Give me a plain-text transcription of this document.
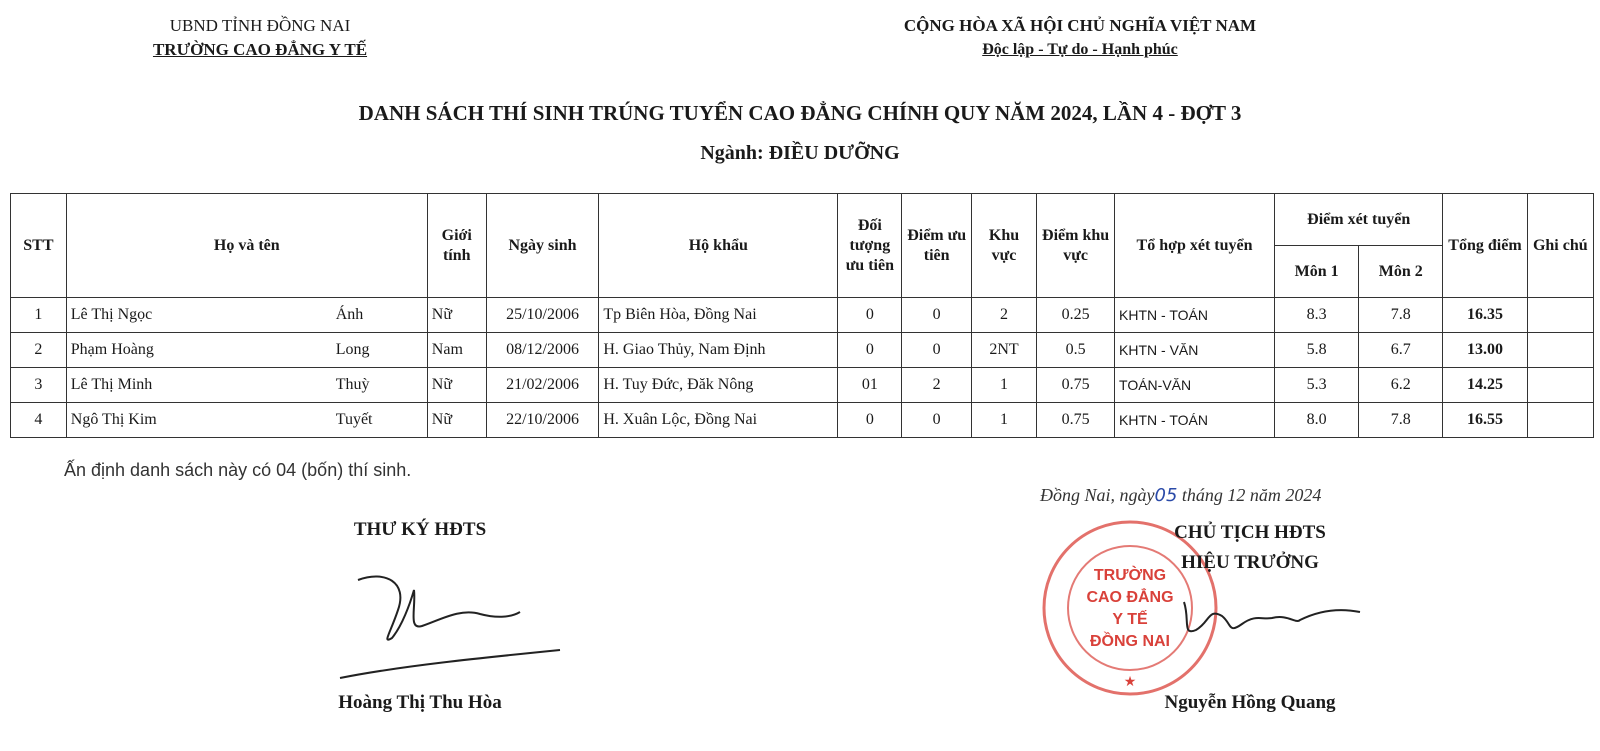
UBND TỈNH ĐỒNG NAI
TRƯỜNG CAO ĐẲNG Y TẾ
CỘNG HÒA XÃ HỘI CHỦ NGHĨA VIỆT NAM
Độc lập - Tự do - Hạnh phúc
DANH SÁCH THÍ SINH TRÚNG TUYỂN CAO ĐẲNG CHÍNH QUY NĂM 2024, LẦN 4 - ĐỢT 3
Ngành: ĐIỀU DƯỠNG
STT	Họ và tên		Giới tính	Ngày sinh	Hộ khẩu	Đối tượng ưu tiên	Điểm ưu tiên	Khu vực	Điểm khu vực	Tổ hợp xét tuyển	Điểm xét tuyển		Tổng điểm	Ghi chú
											Môn 1	Môn 2		
1	Lê Thị Ngọc	Ánh	Nữ	25/10/2006	Tp Biên Hòa, Đồng Nai	0	0	2	0.25	KHTN - TOÁN	8.3	7.8	16.35	
2	Phạm Hoàng	Long	Nam	08/12/2006	H. Giao Thủy, Nam Định	0	0	2NT	0.5	KHTN - VĂN	5.8	6.7	13.00	
3	Lê Thị Minh	Thuỳ	Nữ	21/02/2006	H. Tuy Đức, Đăk Nông	01	2	1	0.75	TOÁN-VĂN	5.3	6.2	14.25	
4	Ngô Thị Kim	Tuyết	Nữ	22/10/2006	H. Xuân Lộc, Đồng Nai	0	0	1	0.75	KHTN - TOÁN	8.0	7.8	16.55	
Ấn định danh sách này có 04 (bốn) thí sinh.
Đồng Nai, ngày05 tháng 12 năm 2024
THƯ KÝ HĐTS
TRƯỜNG
CAO ĐẲNG
Y TẾ
ĐỒNG NAI
★
CHỦ TỊCH HĐTS
HIỆU TRƯỞNG
Hoàng Thị Thu Hòa	Nguyễn Hồng Quang
